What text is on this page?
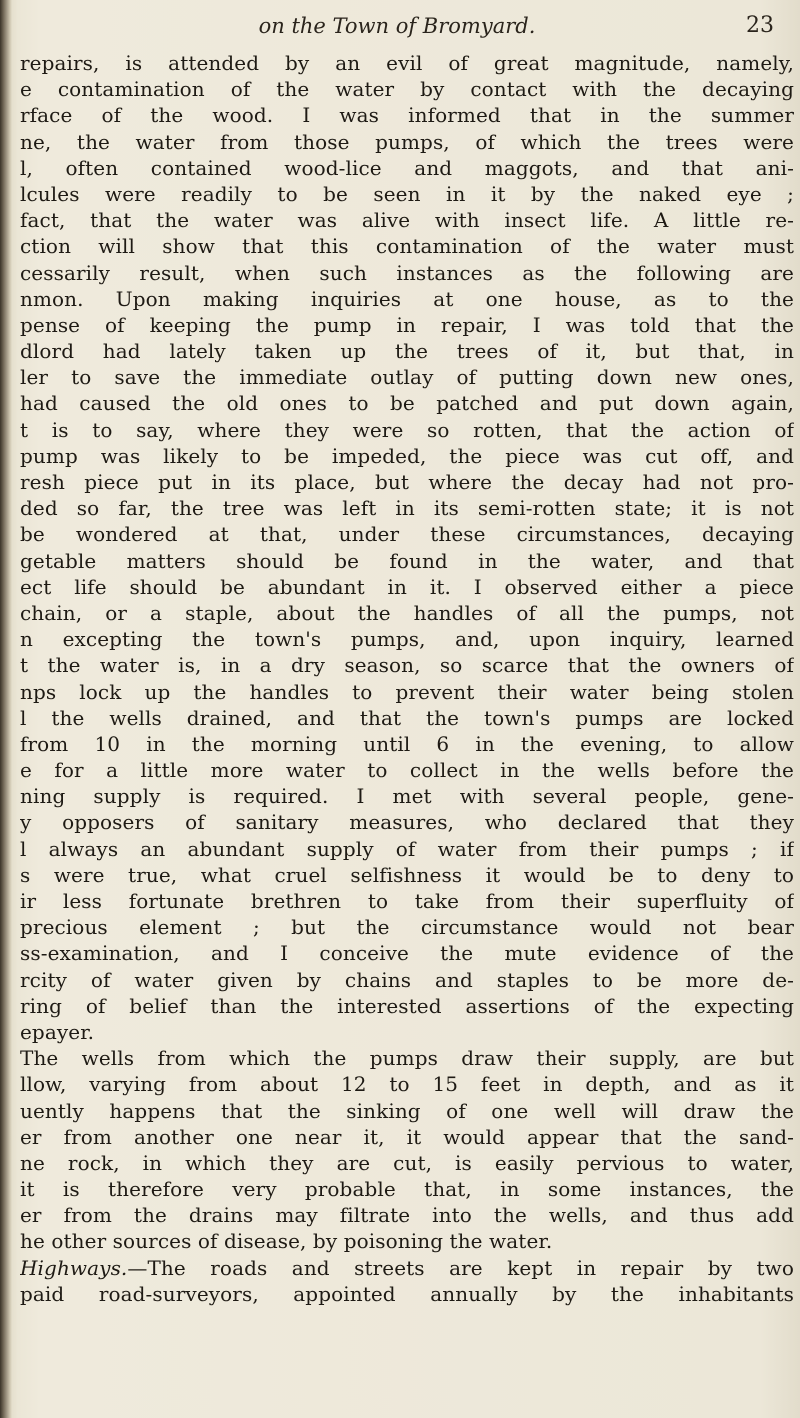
on the Town of Bromyard.	23
repairs, is attended by an evil of great magnitude, namely,
e contamination of the water by contact with the decaying
rface of the wood. I was informed that in the summer
ne, the water from those pumps, of which the trees were
l, often contained wood-lice and maggots, and that ani-
lcules were readily to be seen in it by the naked eye ;
fact, that the water was alive with insect life. A little re-
ction will show that this contamination of the water must
cessarily result, when such instances as the following are
nmon. Upon making inquiries at one house, as to the
pense of keeping the pump in repair, I was told that the
dlord had lately taken up the trees of it, but that, in
ler to save the immediate outlay of putting down new ones,
had caused the old ones to be patched and put down again,
t is to say, where they were so rotten, that the action of
pump was likely to be impeded, the piece was cut off, and
resh piece put in its place, but where the decay had not pro-
ded so far, the tree was left in its semi-rotten state; it is not
be wondered at that, under these circumstances, decaying
getable matters should be found in the water, and that
ect life should be abundant in it. I observed either a piece
chain, or a staple, about the handles of all the pumps, not
n excepting the town's pumps, and, upon inquiry, learned
t the water is, in a dry season, so scarce that the owners of
nps lock up the handles to prevent their water being stolen
l the wells drained, and that the town's pumps are locked
from 10 in the morning until 6 in the evening, to allow
e for a little more water to collect in the wells before the
ning supply is required. I met with several people, gene-
y opposers of sanitary measures, who declared that they
l always an abundant supply of water from their pumps ; if
s were true, what cruel selfishness it would be to deny to
ir less fortunate brethren to take from their superfluity of
precious element ; but the circumstance would not bear
ss-examination, and I conceive the mute evidence of the
rcity of water given by chains and staples to be more de-
ring of belief than the interested assertions of the expecting
epayer.
The wells from which the pumps draw their supply, are but
llow, varying from about 12 to 15 feet in depth, and as it
uently happens that the sinking of one well will draw the
er from another one near it, it would appear that the sand-
ne rock, in which they are cut, is easily pervious to water,
it is therefore very probable that, in some instances, the
er from the drains may filtrate into the wells, and thus add
he other sources of disease, by poisoning the water.
Highways.—The roads and streets are kept in repair by two
paid road-surveyors, appointed annually by the inhabitants
